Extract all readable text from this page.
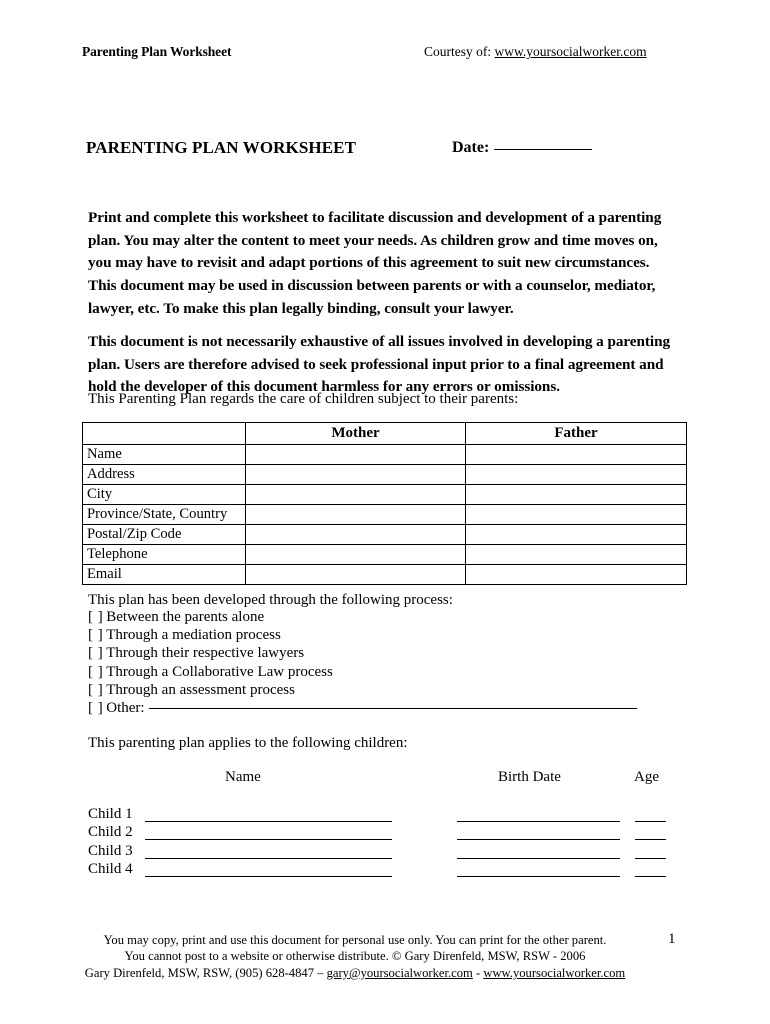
Parenting Plan Worksheet	Courtesy of: www.yoursocialworker.com
PARENTING PLAN WORKSHEET	Date:

Print and complete this worksheet to facilitate discussion and development of a parenting plan. You may alter the content to meet your needs. As children grow and time moves on, you may have to revisit and adapt portions of this agreement to suit new circumstances.

This document may be used in discussion between parents or with a counselor, mediator, lawyer, etc. To make this plan legally binding, consult your lawyer.

This document is not necessarily exhaustive of all issues involved in developing a parenting plan. Users are therefore advised to seek professional input prior to a final agreement and hold the developer of this document harmless for any errors or omissions.

This Parenting Plan regards the care of children subject to their parents:
	Mother	Father
Name		
Address		
City		
Province/State, Country		
Postal/Zip Code		
Telephone		
Email		
This plan has been developed through the following process:
[ ] Between the parents alone
[ ] Through a mediation process
[ ] Through their respective lawyers
[ ] Through a Collaborative Law process
[ ] Through an assessment process
[ ] Other:
This parenting plan applies to the following children:
Name	Birth Date	Age
Child 1
Child 2
Child 3
Child 4
You may copy, print and use this document for personal use only. You can print for the other parent.
You cannot post to a website or otherwise distribute. © Gary Direnfeld, MSW, RSW - 2006
Gary Direnfeld, MSW, RSW, (905) 628-4847 – gary@yoursocialworker.com - www.yoursocialworker.com
1
